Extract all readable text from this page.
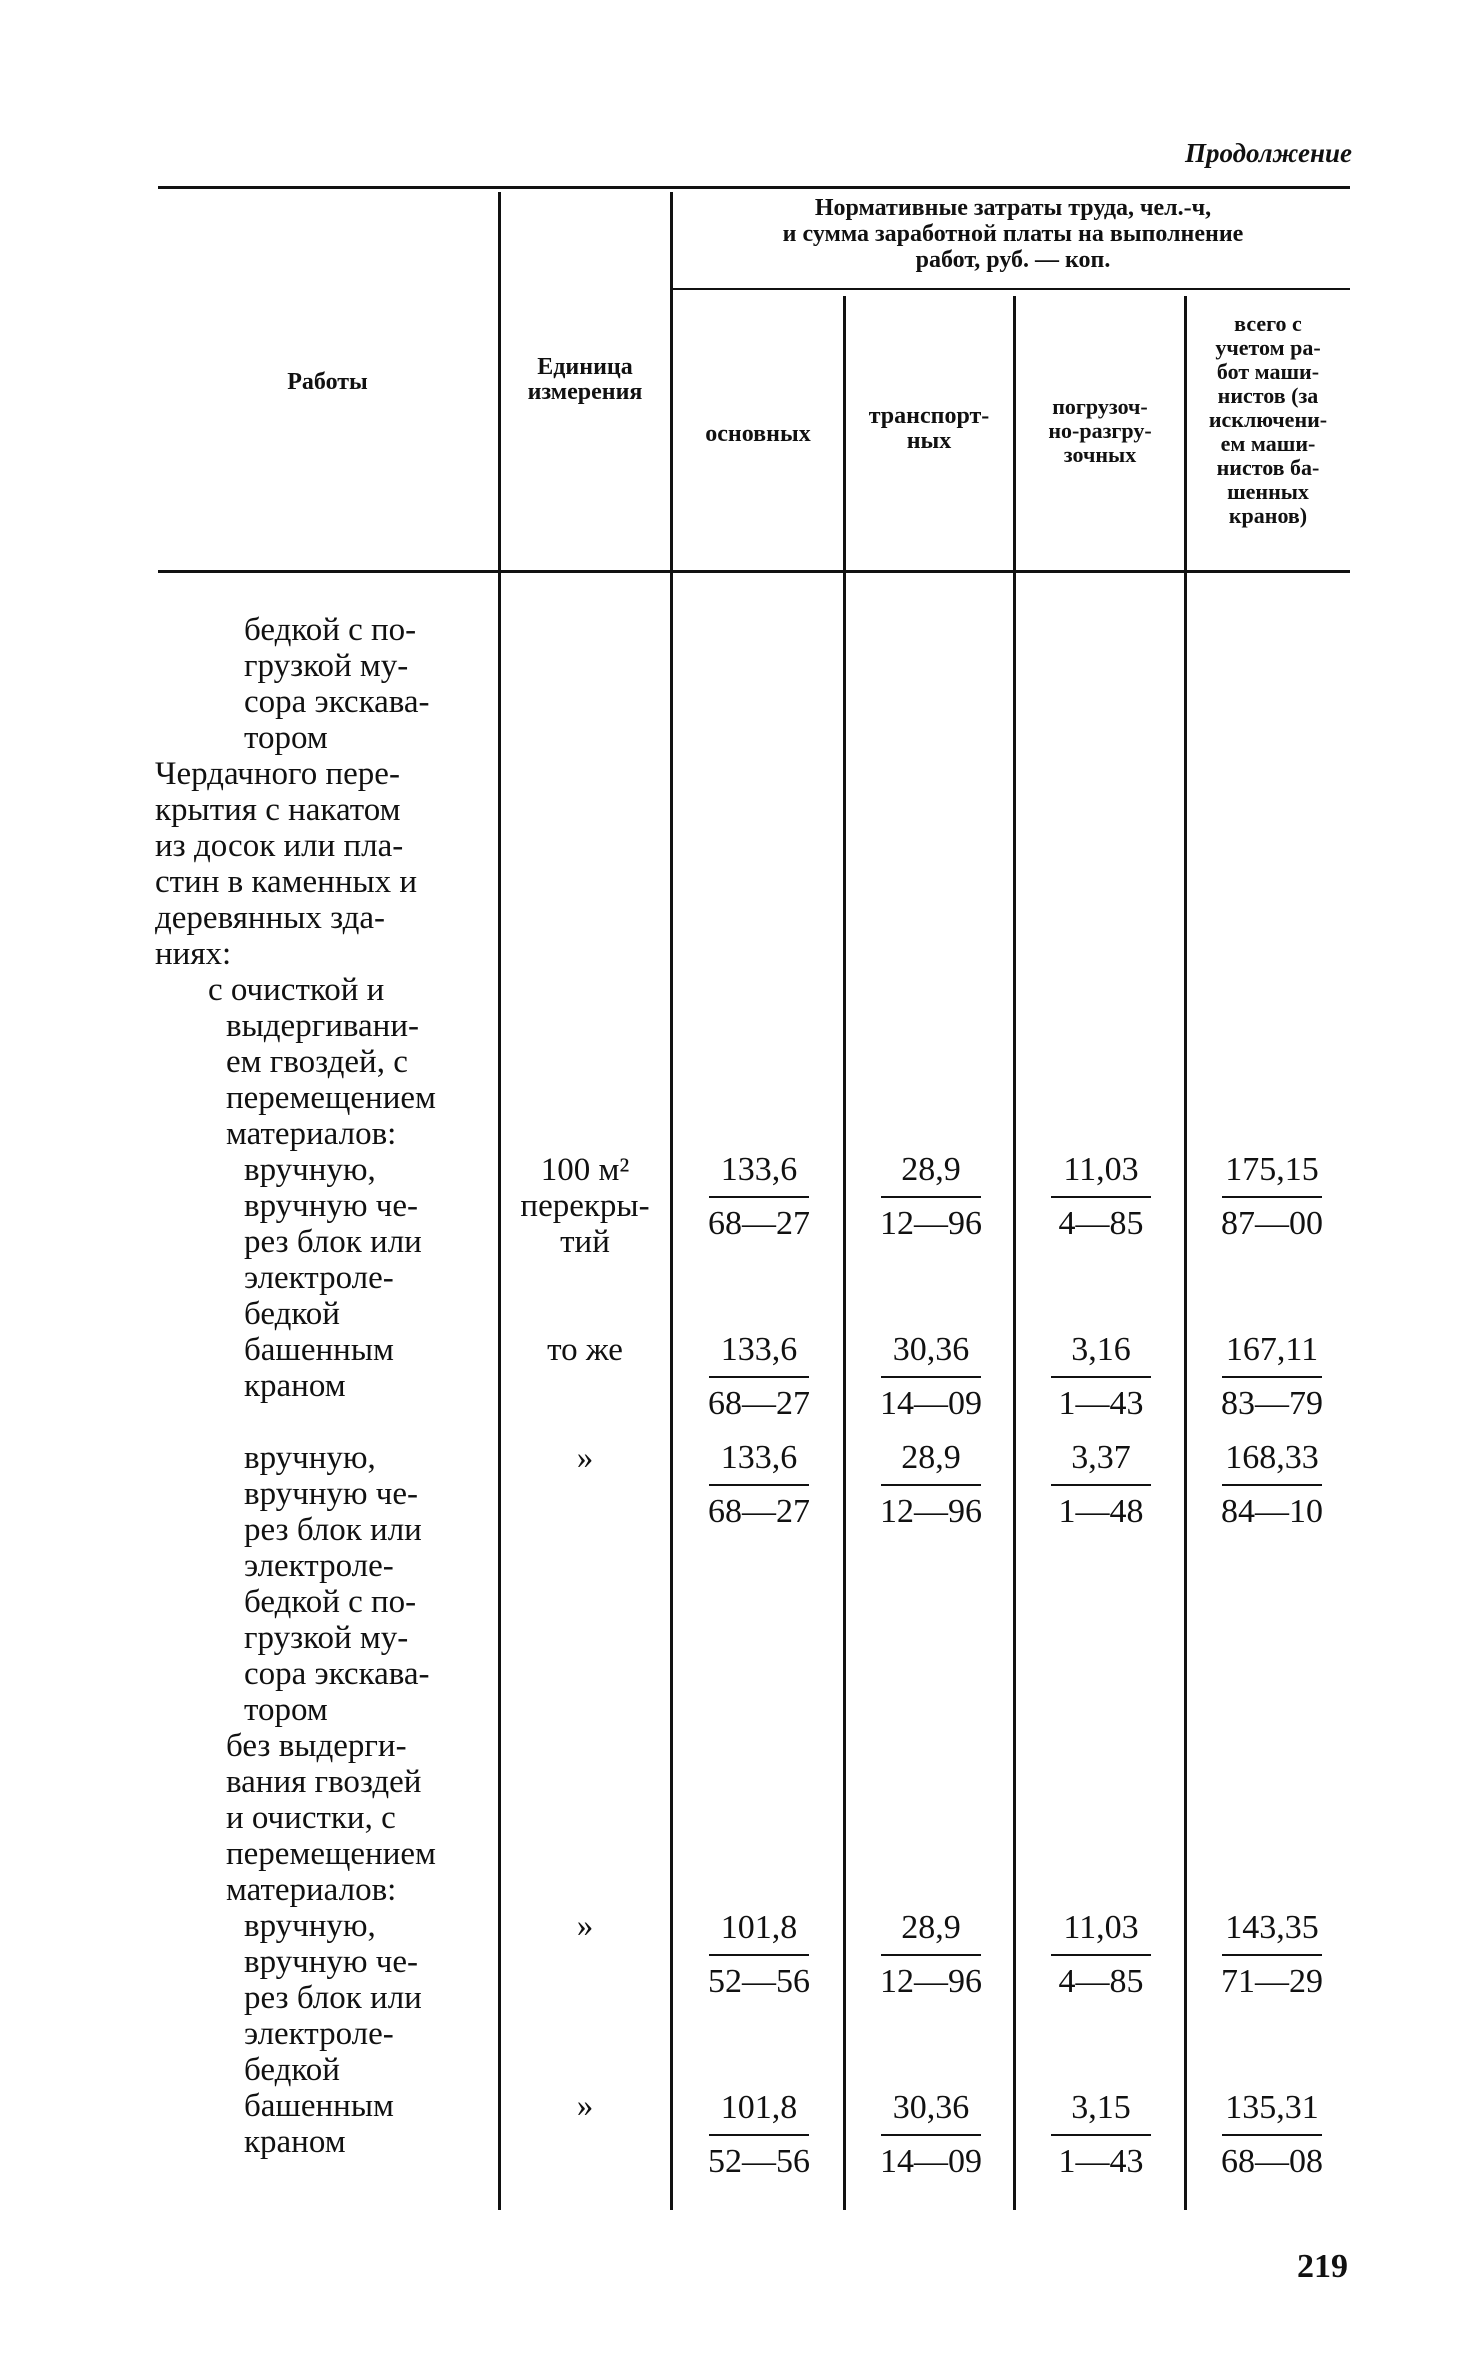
Продолжение
Работы
Единица
измерения
Нормативные затраты труда, чел.-ч,
и сумма заработной платы на выполнение
работ, руб. — коп.
основных
транспорт-
ных
погрузоч-
но-разгру-
зочных
всего с
учетом ра-
бот маши-
нистов (за
исключени-
ем маши-
нистов ба-
шенных
кранов)
бедкой с по-
грузкой му-
сора экскава-
тором
Чердачного пере-
крытия с накатом
из досок или пла-
стин в каменных и
деревянных зда-
ниях:
с очисткой и
выдергивани-
ем гвоздей, с
перемещением
материалов:
вручную,
вручную че-
рез блок или
электроле-
бедкой
башенным
краном
вручную,
вручную че-
рез блок или
электроле-
бедкой с по-
грузкой му-
сора экскава-
тором
без выдерги-
вания гвоздей
и очистки, с
перемещением
материалов:
вручную,
вручную че-
рез блок или
электроле-
бедкой
башенным
краном
100 м²
перекры-
тий
то же
»
»
»
133,6
68—27
28,9
12—96
11,03
4—85
175,15
87—00
133,6
68—27
30,36
14—09
3,16
1—43
167,11
83—79
133,6
68—27
28,9
12—96
3,37
1—48
168,33
84—10
101,8
52—56
28,9
12—96
11,03
4—85
143,35
71—29
101,8
52—56
30,36
14—09
3,15
1—43
135,31
68—08
219
